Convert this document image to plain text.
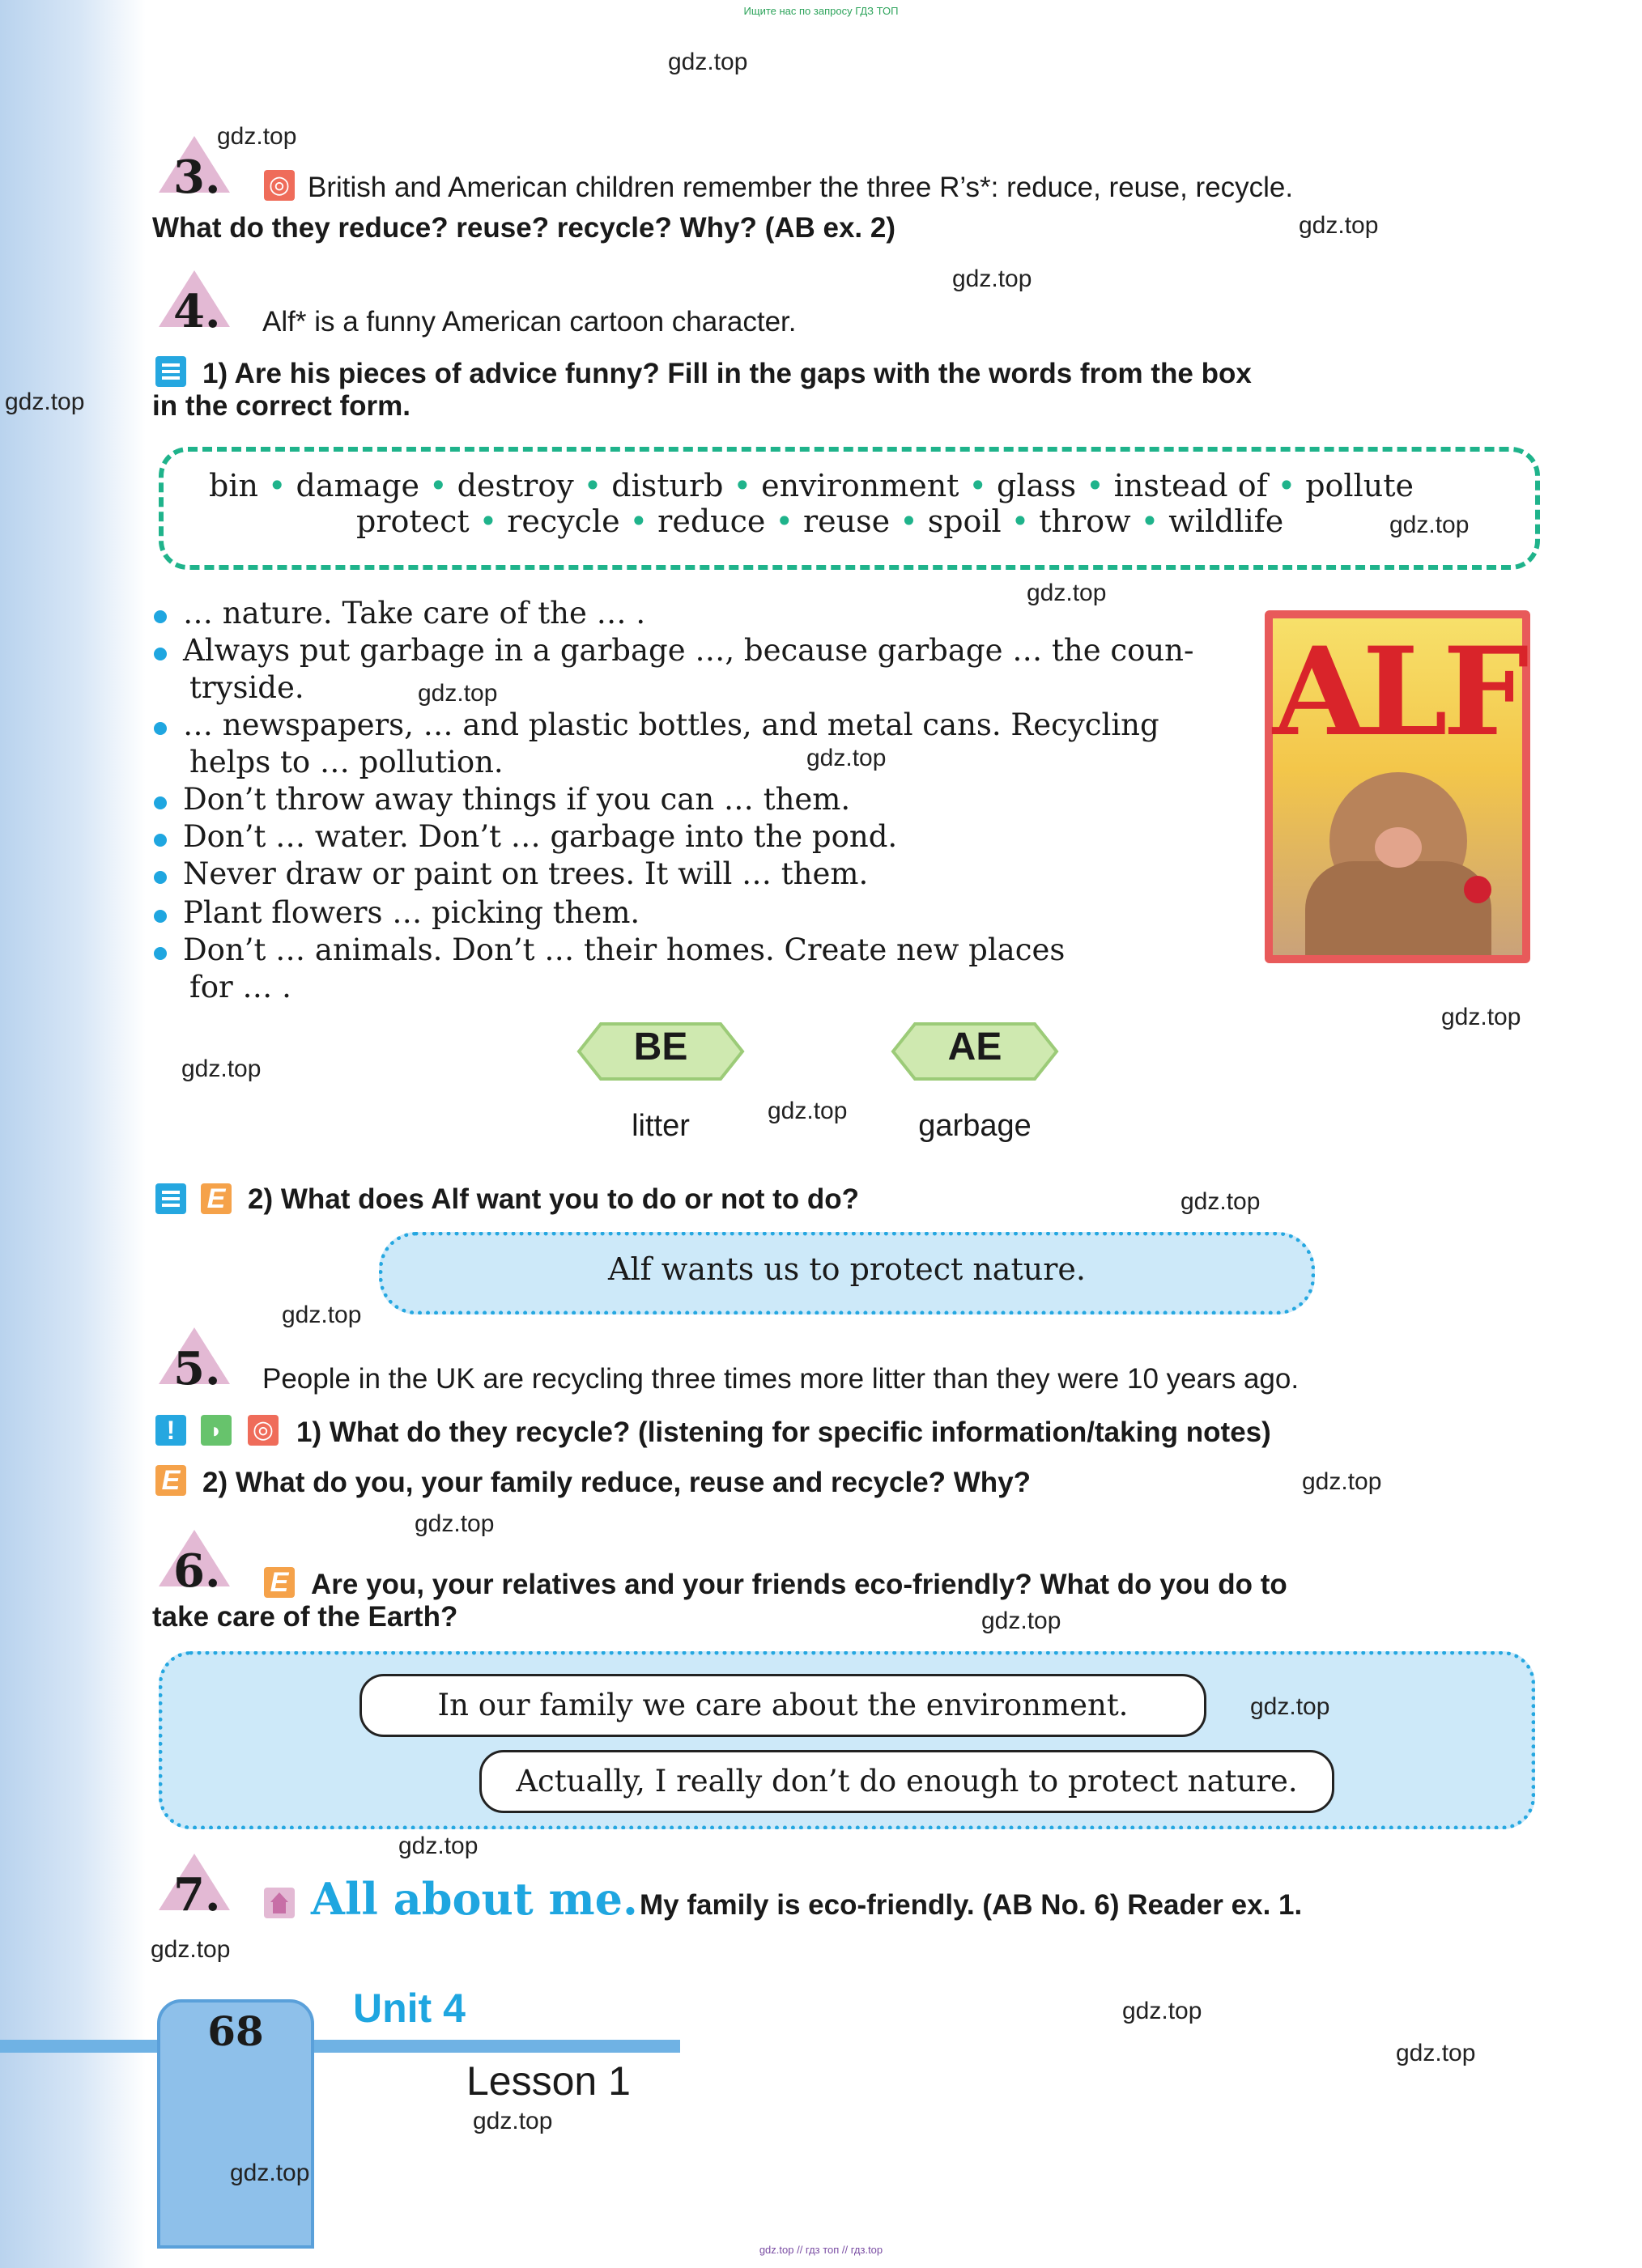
Ищите нас по запросу ГДЗ ТОП
3. ◎ British and American children remember the three R’s*: reduce, reuse, recycle.
What do they reduce? reuse? recycle? Why? (AB ex. 2)
4. Alf* is a funny American cartoon character.
1) Are his pieces of advice funny? Fill in the gaps with the words from the box
in the correct form.
bin • damage • destroy • disturb • environment • glass • instead of • pollute
protect • recycle • reduce • reuse • spoil • throw • wildlife
… nature. Take care of the … .
Always put garbage in a garbage …, because garbage … the coun-
tryside.
… newspapers, … and plastic bottles, and metal cans. Recycling
helps to … pollution.
Don’t throw away things if you can … them.
Don’t … water. Don’t … garbage into the pond.
Never draw or paint on trees. It will … them.
Plant flowers … picking them.
Don’t … animals. Don’t … their homes. Create new places
for … .
ALF
BE	AE
litter	garbage
E 2) What does Alf want you to do or not to do?
Alf wants us to protect nature.
5. People in the UK are recycling three times more litter than they were 10 years ago.
!	◗	◎ 1) What do they recycle? (listening for specific information/taking notes)
E 2) What do you, your family reduce, reuse and recycle? Why?
6. E Are you, your relatives and your friends eco-friendly? What do you do to
take care of the Earth?
In our family we care about the environment.
Actually, I really don’t do enough to protect nature.
7. All about me. My family is eco-friendly. (AB No. 6) Reader ex. 1.
68	Unit 4
Lesson 1
gdz.top
gdz.top
gdz.top
gdz.top
gdz.top
gdz.top
gdz.top
gdz.top
gdz.top
gdz.top
gdz.top
gdz.top
gdz.top
gdz.top
gdz.top
gdz.top
gdz.top
gdz.top
gdz.top
gdz.top
gdz.top
gdz.top
gdz.top
gdz.top
gdz.top // гдз топ // гдз.top
